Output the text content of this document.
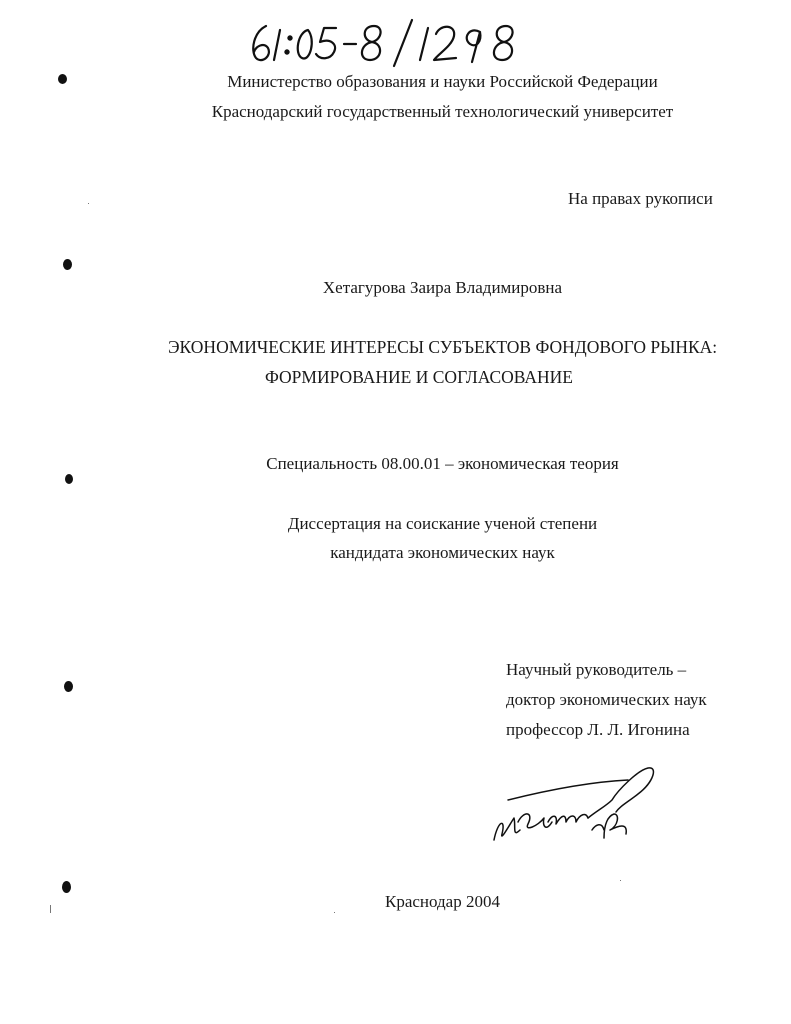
Министерство образования и науки Российской Федерации
Краснодарский государственный технологический университет
На правах рукописи
Хетагурова Заира Владимировна
ЭКОНОМИЧЕСКИЕ ИНТЕРЕСЫ СУБЪЕКТОВ ФОНДОВОГО РЫНКА:
ФОРМИРОВАНИЕ И СОГЛАСОВАНИЕ
Специальность 08.00.01 – экономическая теория
Диссертация на соискание ученой степени
кандидата экономических наук
Научный руководитель –
доктор экономических наук
профессор Л. Л. Игонина
Краснодар 2004
